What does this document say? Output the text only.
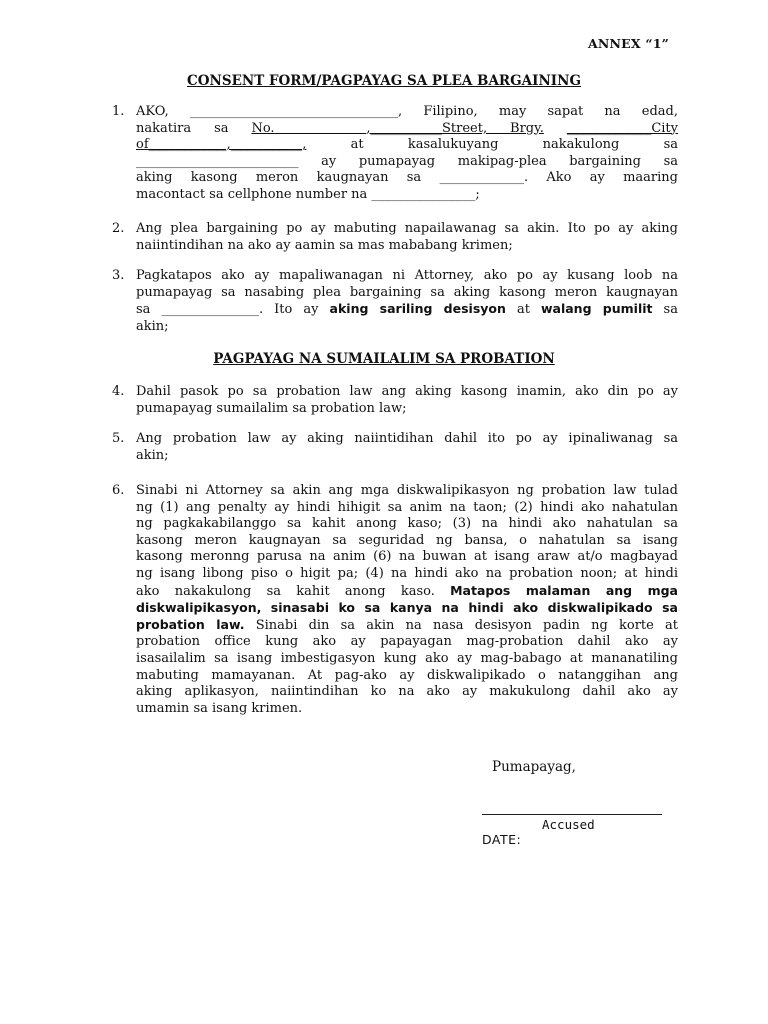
ANNEX “1”
CONSENT FORM/PAGPAYAG SA PLEA BARGAINING
1. AKO, ________________________________, Filipino, may sapat na edad,
nakatira sa No.	,___________Street, Brgy. _____________City
of____________,___________,	at	kasalukuyang	nakakulong	sa
_________________________ ay pumapayag makipag-plea bargaining sa
aking kasong meron kaugnayan sa _____________. Ako ay maaring
macontact sa cellphone number na ________________;
2. Ang plea bargaining po ay mabuting napailawanag sa akin. Ito po ay aking
naiintindihan na ako ay aamin sa mas mababang krimen;
3. Pagkatapos ako ay mapaliwanagan ni Attorney, ako po ay kusang loob na
pumapayag sa nasabing plea bargaining sa aking kasong meron kaugnayan
sa _______________. Ito ay aking sariling desisyon at walang pumilit sa
akin;
PAGPAYAG NA SUMAILALIM SA PROBATION
4. Dahil pasok po sa probation law ang aking kasong inamin, ako din po ay
pumapayag sumailalim sa probation law;
5. Ang probation law ay aking naiintidihan dahil ito po ay ipinaliwanag sa
akin;
6. Sinabi ni Attorney sa akin ang mga diskwalipikasyon ng probation law tulad
ng (1) ang penalty ay hindi hihigit sa anim na taon; (2) hindi ako nahatulan
ng pagkakabilanggo sa kahit anong kaso; (3) na hindi ako nahatulan sa
kasong meron kaugnayan sa seguridad ng bansa, o nahatulan sa isang
kasong meronng parusa na anim (6) na buwan at isang araw at/o magbayad
ng isang libong piso o higit pa; (4) na hindi ako na probation noon; at hindi
ako nakakulong sa kahit anong kaso. Matapos malaman ang mga
diskwalipikasyon, sinasabi ko sa kanya na hindi ako diskwalipikado sa
probation law. Sinabi din sa akin na nasa desisyon padin ng korte at
probation office kung ako ay papayagan mag-probation dahil ako ay
isasailalim sa isang imbestigasyon kung ako ay mag-babago at mananatiling
mabuting mamayanan. At pag-ako ay diskwalipikado o natanggihan ang
aking aplikasyon, naiintindihan ko na ako ay makukulong dahil ako ay
umamin sa isang krimen.
Pumapayag,
Accused
DATE:
